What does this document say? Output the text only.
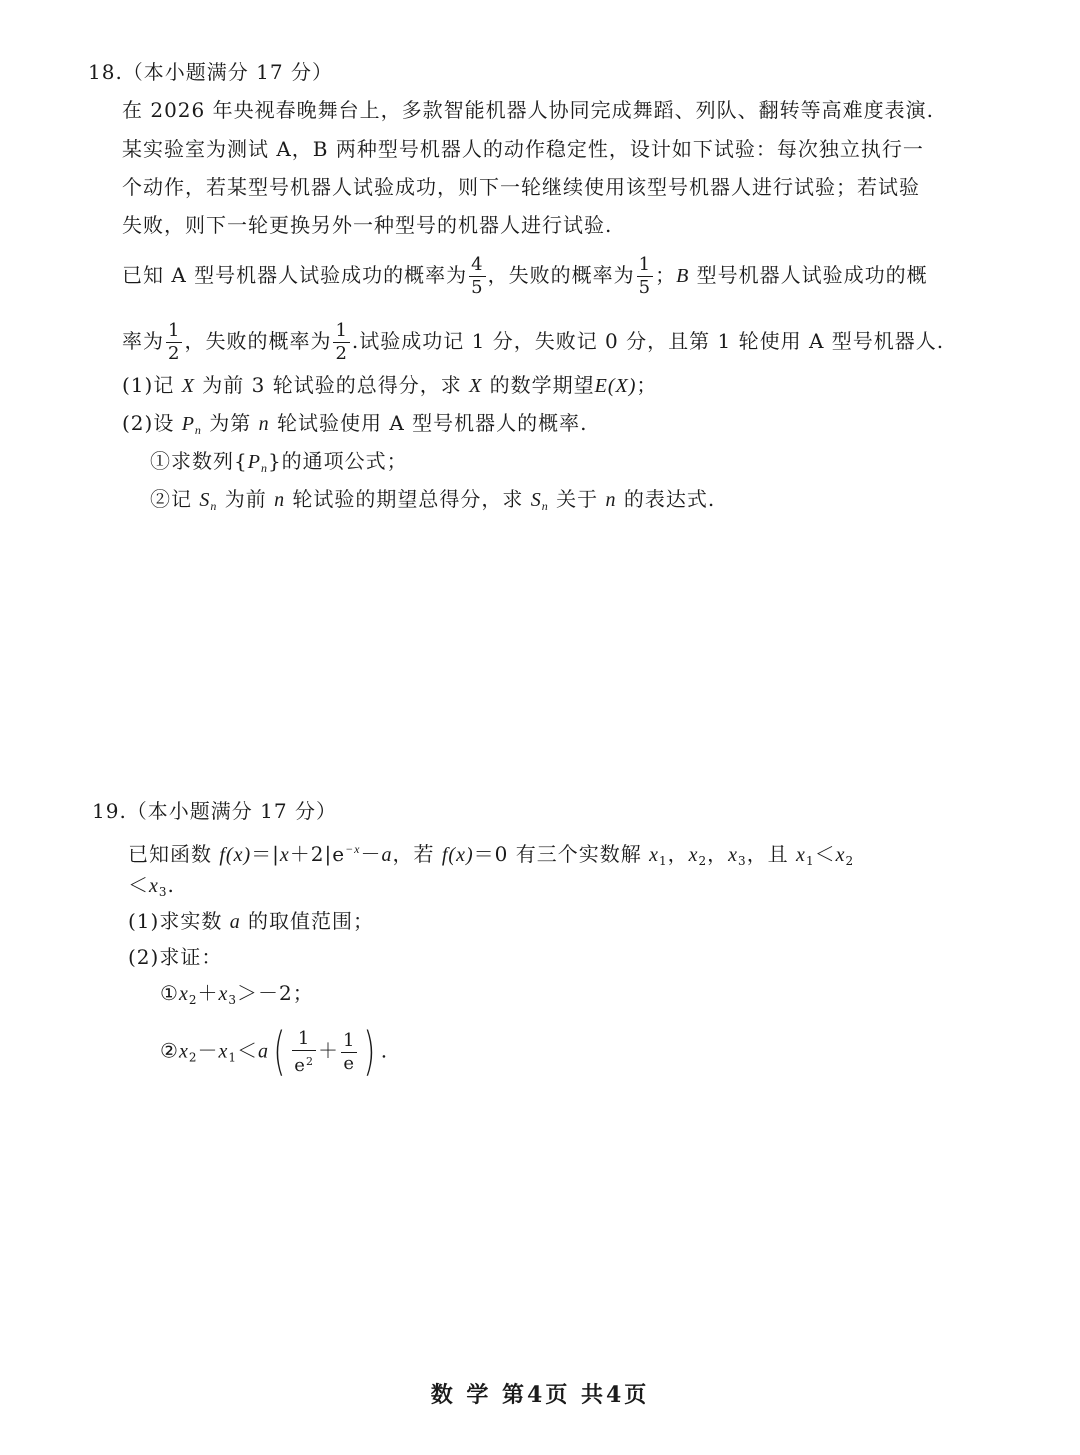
18.（本小题满分 17 分）
在 2026 年央视春晚舞台上，多款智能机器人协同完成舞蹈、列队、翻转等高难度表演.
某实验室为测试 A，B 两种型号机器人的动作稳定性，设计如下试验：每次独立执行一
个动作，若某型号机器人试验成功，则下一轮继续使用该型号机器人进行试验；若试验
失败，则下一轮更换另外一种型号的机器人进行试验.
已知 A 型号机器人试验成功的概率为 $\frac{4}{5}$ ，失败的概率为 $\frac{1}{5}$ ；B 型号机器人试验成功的概
率为 $\frac{1}{2}$ ，失败的概率为 $\frac{1}{2}$ .试验成功记 1 分，失败记 0 分，且第 1 轮使用 A 型号机器人.
(1)记 X 为前 3 轮试验的总得分，求 X 的数学期望E(X)；
(2)设 $P_n$ 为第 n 轮试验使用 A 型号机器人的概率.
①求数列$\{P_n\}$的通项公式；
②记 $S_n$ 为前 n 轮试验的期望总得分，求 $S_n$ 关于 n 的表达式.
19.（本小题满分 17 分）
已知函数 $f(x)=|x+2|e^{-x}-a$，若 f(x)＝0 有三个实数解 $x_1$，$x_2$，$x_3$，且 $x_1<x_2$
$<x_3$.
(1)求实数 a 的取值范围；
(2)求证：
$①x_2+x_3>-2$；
$②x_2-x_1<a( \frac{1}{e^2} + \frac{1}{e}$ ) .
数 学 第4页 共4页
